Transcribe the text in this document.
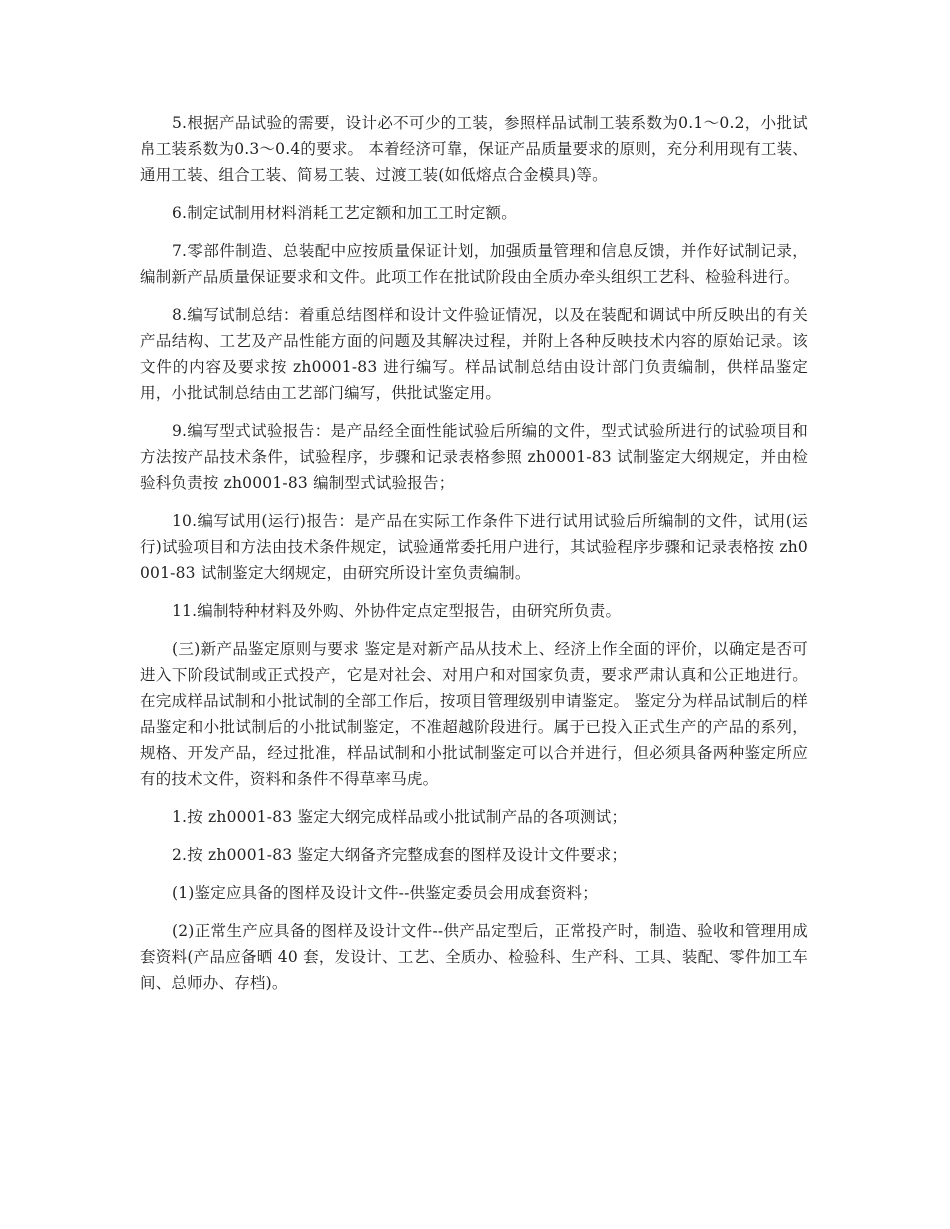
5.根据产品试验的需要，设计必不可少的工装，参照样品试制工装系数为0.1～0.2，小批试帛工装系数为0.3～0.4的要求。 本着经济可靠，保证产品质量要求的原则，充分利用现有工装、通用工装、组合工装、简易工装、过渡工装(如低熔点合金模具)等。

6.制定试制用材料消耗工艺定额和加工工时定额。

7.零部件制造、总装配中应按质量保证计划，加强质量管理和信息反馈，并作好试制记录，编制新产品质量保证要求和文件。此项工作在批试阶段由全质办牵头组织工艺科、检验科进行。

8.编写试制总结：着重总结图样和设计文件验证情况，以及在装配和调试中所反映出的有关产品结构、工艺及产品性能方面的问题及其解决过程，并附上各种反映技术内容的原始记录。该文件的内容及要求按 zh0001-83 进行编写。样品试制总结由设计部门负责编制，供样品鉴定用，小批试制总结由工艺部门编写，供批试鉴定用。

9.编写型式试验报告：是产品经全面性能试验后所编的文件，型式试验所进行的试验项目和方法按产品技术条件，试验程序，步骤和记录表格参照 zh0001-83 试制鉴定大纲规定，并由检验科负责按 zh0001-83 编制型式试验报告；

10.编写试用(运行)报告：是产品在实际工作条件下进行试用试验后所编制的文件，试用(运行)试验项目和方法由技术条件规定，试验通常委托用户进行，其试验程序步骤和记录表格按 zh0001-83 试制鉴定大纲规定，由研究所设计室负责编制。

11.编制特种材料及外购、外协件定点定型报告，由研究所负责。

(三)新产品鉴定原则与要求 鉴定是对新产品从技术上、经济上作全面的评价，以确定是否可进入下阶段试制或正式投产，它是对社会、对用户和对国家负责，要求严肃认真和公正地进行。 在完成样品试制和小批试制的全部工作后，按项目管理级别申请鉴定。 鉴定分为样品试制后的样品鉴定和小批试制后的小批试制鉴定，不准超越阶段进行。属于已投入正式生产的产品的系列，规格、开发产品，经过批准，样品试制和小批试制鉴定可以合并进行，但必须具备两种鉴定所应有的技术文件，资料和条件不得草率马虎。

1.按 zh0001-83 鉴定大纲完成样品或小批试制产品的各项测试；

2.按 zh0001-83 鉴定大纲备齐完整成套的图样及设计文件要求；

(1)鉴定应具备的图样及设计文件--供鉴定委员会用成套资料；

(2)正常生产应具备的图样及设计文件--供产品定型后，正常投产时，制造、验收和管理用成套资料(产品应备晒 40 套，发设计、工艺、全质办、检验科、生产科、工具、装配、零件加工车间、总师办、存档)。
